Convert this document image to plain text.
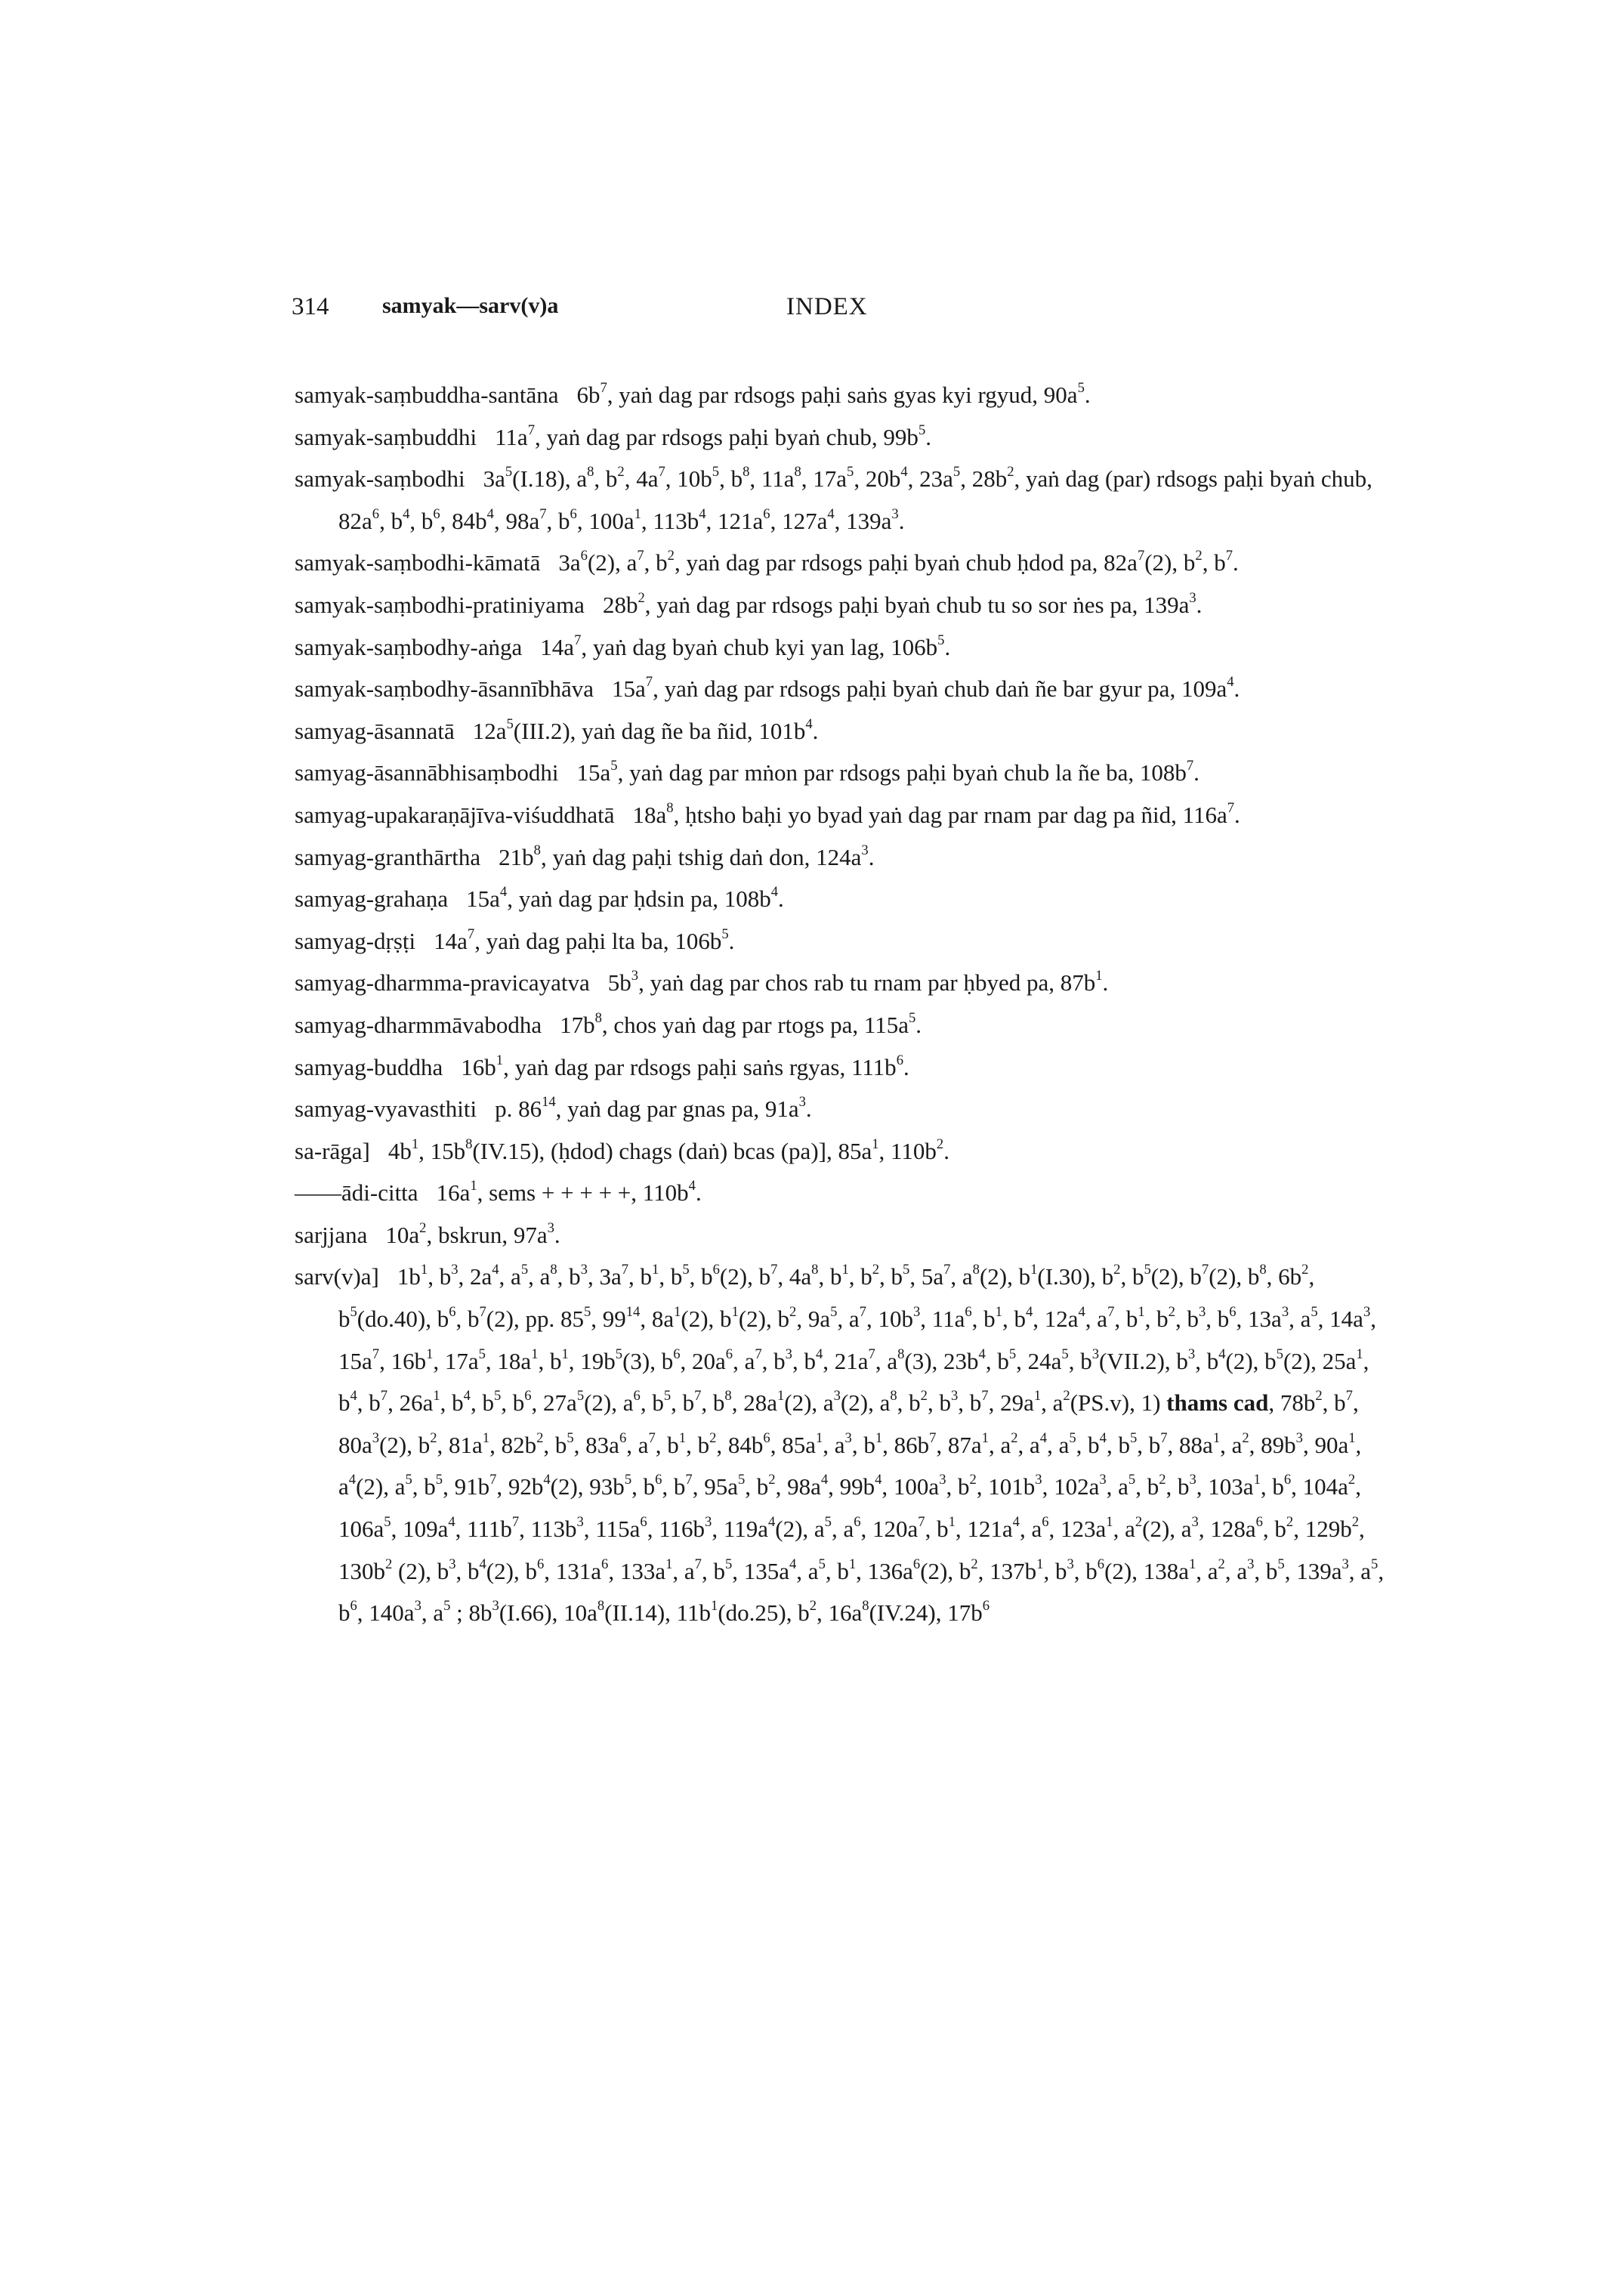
314 samyak—sarv(v)a	INDEX

samyak-saṃbuddha-santāna $6b^7$, yaṅ dag par rdsogs paḥi saṅs gyas kyi rgyud, $90a^5$.

samyak-saṃbuddhi $11a^7$, yaṅ dag par rdsogs paḥi byaṅ chub, $99b^5$.

samyak-saṃbodhi $3a^5(I.18)$, $a^8$, $b^2$, $4a^7$, $10b^5$, $b^8$, $11a^8$, $17a^5$, $20b^4$, $23a^5$, $28b^2$, yaṅ dag (par) rdsogs paḥi byaṅ chub, $82a^6$, $b^4$, $b^6$, $84b^4$, $98a^7$, $b^6$, $100a^1$, $113b^4$, $121a^6$, $127a^4$, $139a^3$.

samyak-saṃbodhi-kāmatā $3a^6(2)$, $a^7$, $b^2$, yaṅ dag par rdsogs paḥi byaṅ chub ḥdod pa, $82a^7(2)$, $b^2$, $b^7$.

samyak-saṃbodhi-pratiniyama $28b^2$, yaṅ dag par rdsogs paḥi byaṅ chub tu so sor ṅes pa, $139a^3$.

samyak-saṃbodhy-aṅga $14a^7$, yaṅ dag byaṅ chub kyi yan lag, $106b^5$.

samyak-saṃbodhy-āsannībhāva $15a^7$, yaṅ dag par rdsogs paḥi byaṅ chub daṅ ñe bar gyur pa, $109a^4$.

samyag-āsannatā $12a^5(III.2)$, yaṅ dag ñe ba ñid, $101b^4$.

samyag-āsannābhisaṃbodhi $15a^5$, yaṅ dag par mṅon par rdsogs paḥi byaṅ chub la ñe ba, $108b^7$.

samyag-upakaraṇājīva-viśuddhatā $18a^8$, ḥtsho baḥi yo byad yaṅ dag par rnam par dag pa ñid, $116a^7$.

samyag-granthārtha $21b^8$, yaṅ dag paḥi tshig daṅ don, $124a^3$.

samyag-grahaṇa $15a^4$, yaṅ dag par ḥdsin pa, $108b^4$.

samyag-dṛṣṭi $14a^7$, yaṅ dag paḥi lta ba, $106b^5$.

samyag-dharmma-pravicayatva $5b^3$, yaṅ dag par chos rab tu rnam par ḥbyed pa, $87b^1$.

samyag-dharmmāvabodha $17b^8$, chos yaṅ dag par rtogs pa, $115a^5$.

samyag-buddha $16b^1$, yaṅ dag par rdsogs paḥi saṅs rgyas, $111b^6$.

samyag-vyavasthiti p. $86^{14}$, yaṅ dag par gnas pa, $91a^3$.

sa-rāga] $4b^1$, $15b^8(IV.15)$, (ḥdod) chags (daṅ) bcas (pa)], $85a^1$, $110b^2$.

——ādi-citta $16a^1$, sems + + + + +, $110b^4$.

sarjjana $10a^2$, bskrun, $97a^3$.

sarv(v)a] $1b^1$, $b^3$, $2a^4$, $a^5$, $a^8$, $b^3$, $3a^7$, $b^1$, $b^5$, $b^6(2)$, $b^7$, $4a^8$, $b^1$, $b^2$, $b^5$, $5a^7$, $a^8(2)$, $b^1(I.30)$, $b^2$, $b^5(2)$, $b^7(2)$, $b^8$, $6b^2$, $b^5(do.40)$, $b^6$, $b^7(2)$, pp. $85^5$, $99^{14}$, $8a^1(2)$, $b^1(2)$, $b^2$, $9a^5$, $a^7$, $10b^3$, $11a^6$, $b^1$, $b^4$, $12a^4$, $a^7$, $b^1$, $b^2$, $b^3$, $b^6$, $13a^3$, $a^5$, $14a^3$, $15a^7$, $16b^1$, $17a^5$, $18a^1$, $b^1$, $19b^5(3)$, $b^6$, $20a^6$, $a^7$, $b^3$, $b^4$, $21a^7$, $a^8(3)$, $23b^4$, $b^5$, $24a^5$, $b^3(VII.2)$, $b^3$, $b^4(2)$, $b^5(2)$, $25a^1$, $b^4$, $b^7$, $26a^1$, $b^4$, $b^5$, $b^6$, $27a^5(2)$, $a^6$, $b^5$, $b^7$, $b^8$, $28a^1(2)$, $a^3(2)$, $a^8$, $b^2$, $b^3$, $b^7$, $29a^1$, $a^2(PS.v)$, 1) thams cad, $78b^2$, $b^7$, $80a^3(2)$, $b^2$, $81a^1$, $82b^2$, $b^5$, $83a^6$, $a^7$, $b^1$, $b^2$, $84b^6$, $85a^1$, $a^3$, $b^1$, $86b^7$, $87a^1$, $a^2$, $a^4$, $a^5$, $b^4$, $b^5$, $b^7$, $88a^1$, $a^2$, $89b^3$, $90a^1$, $a^4(2)$, $a^5$, $b^5$, $91b^7$, $92b^4(2)$, $93b^5$, $b^6$, $b^7$, $95a^5$, $b^2$, $98a^4$, $99b^4$, $100a^3$, $b^2$, $101b^3$, $102a^3$, $a^5$, $b^2$, $b^3$, $103a^1$, $b^6$, $104a^2$, $106a^5$, $109a^4$, $111b^7$, $113b^3$, $115a^6$, $116b^3$, $119a^4(2)$, $a^5$, $a^6$, $120a^7$, $b^1$, $121a^4$, $a^6$, $123a^1$, $a^2(2)$, $a^3$, $128a^6$, $b^2$, $129b^2$, $130b^2$ (2), $b^3$, $b^4(2)$, $b^6$, $131a^6$, $133a^1$, $a^7$, $b^5$, $135a^4$, $a^5$, $b^1$, $136a^6(2)$, $b^2$, $137b^1$, $b^3$, $b^6(2)$, $138a^1$, $a^2$, $a^3$, $b^5$, $139a^3$, $a^5$, $b^6$, $140a^3$, $a^5$ ; $8b^3(I.66)$, $10a^8(II.14)$, $11b^1(do.25)$, $b^2$, $16a^8(IV.24)$, $17b^6$
